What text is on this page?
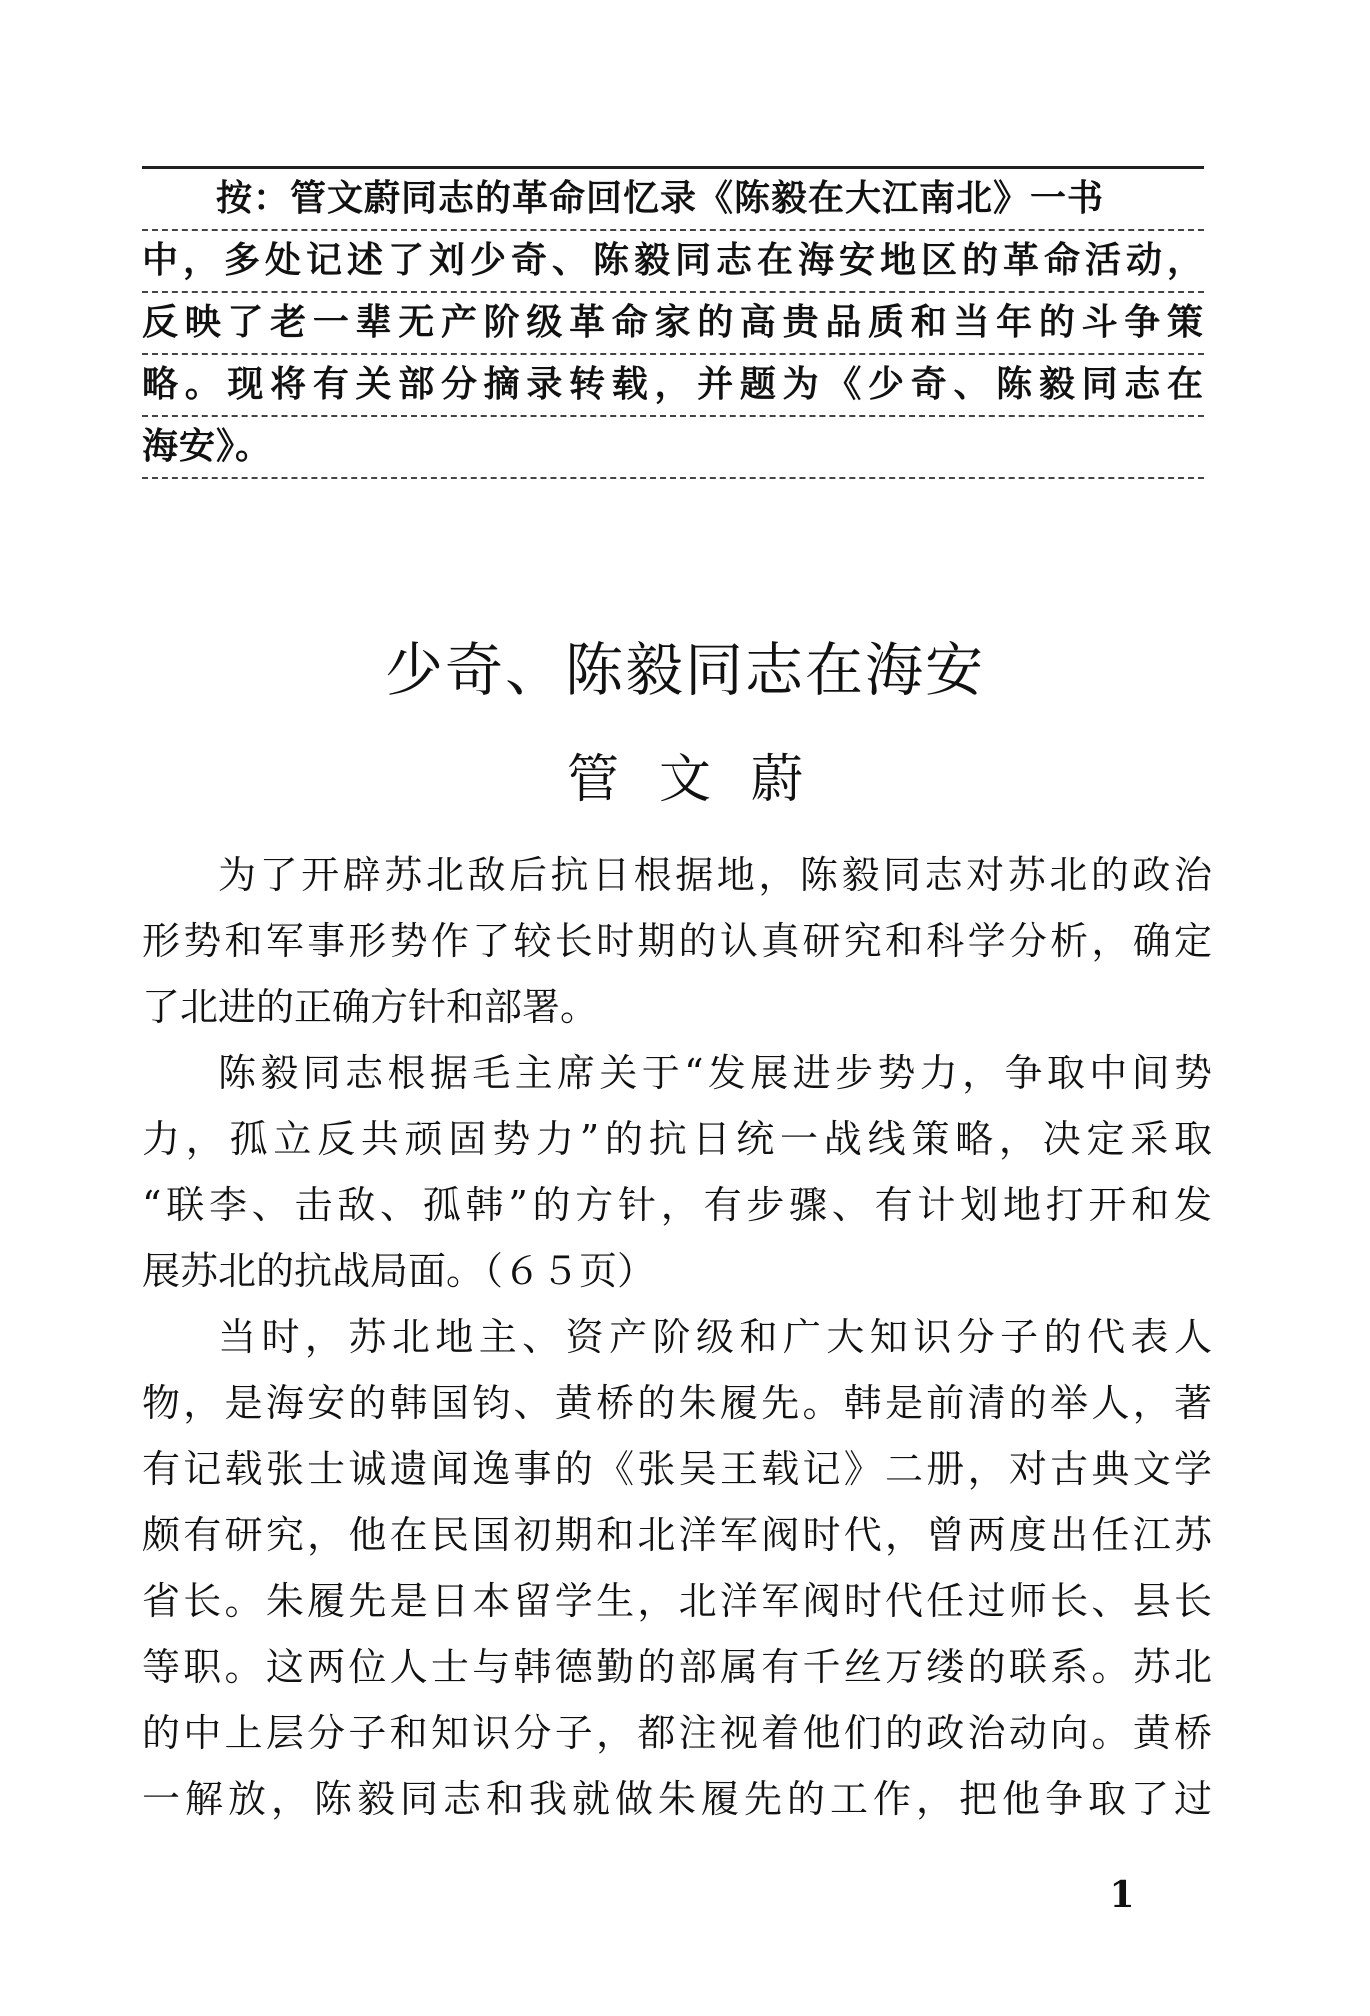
按：管文蔚同志的革命回忆录《陈毅在大江南北》一书
中，多处记述了刘少奇、陈毅同志在海安地区的革命活动，
反映了老一辈无产阶级革命家的高贵品质和当年的斗争策
略。现将有关部分摘录转载，并题为《少奇、陈毅同志在
海安》。
少奇、陈毅同志在海安
管文蔚
为了开辟苏北敌后抗日根据地，陈毅同志对苏北的政治
形势和军事形势作了较长时期的认真研究和科学分析，确定
了北进的正确方针和部署。
陈毅同志根据毛主席关于“发展进步势力，争取中间势
力，孤立反共顽固势力”的抗日统一战线策略，决定采取
“联李、击敌、孤韩”的方针，有步骤、有计划地打开和发
展苏北的抗战局面。（６５页）
当时，苏北地主、资产阶级和广大知识分子的代表人
物，是海安的韩国钧、黄桥的朱履先。韩是前清的举人，著
有记载张士诚遗闻逸事的《张吴王载记》二册，对古典文学
颇有研究，他在民国初期和北洋军阀时代，曾两度出任江苏
省长。朱履先是日本留学生，北洋军阀时代任过师长、县长
等职。这两位人士与韩德勤的部属有千丝万缕的联系。苏北
的中上层分子和知识分子，都注视着他们的政治动向。黄桥
一解放，陈毅同志和我就做朱履先的工作，把他争取了过
1
